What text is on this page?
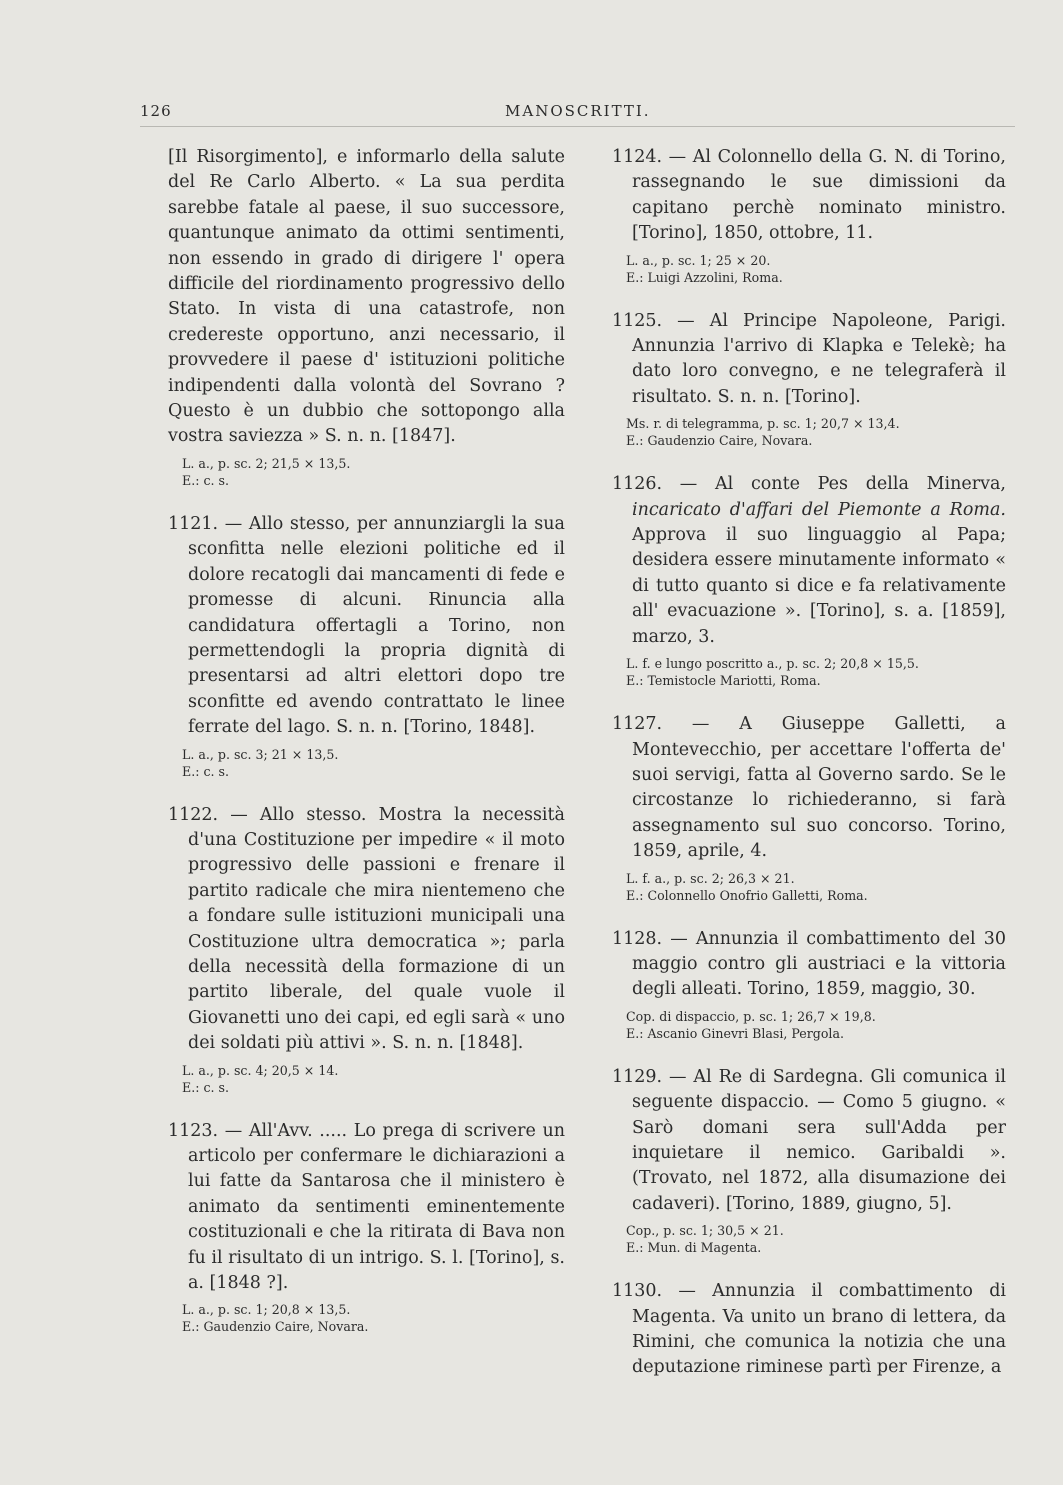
126	MANOSCRITTI.

[Il Risorgimento], e informarlo della salute del Re Carlo Alberto. « La sua perdita sarebbe fatale al paese, il suo successore, quantunque animato da ottimi sentimenti, non essendo in grado di dirigere l' opera difficile del riordinamento progressivo dello Stato. In vista di una catastrofe, non credereste opportuno, anzi necessario, il provvedere il paese d' istituzioni politiche indipendenti dalla volontà del Sovrano ? Questo è un dubbio che sottopongo alla vostra saviezza » S. n. n. [1847].

L. a., p. sc. 2; 21,5 × 13,5.
E.: c. s.

1121. — Allo stesso, per annunziargli la sua sconfitta nelle elezioni politiche ed il dolore recatogli dai mancamenti di fede e promesse di alcuni. Rinuncia alla candidatura offertagli a Torino, non permettendogli la propria dignità di presentarsi ad altri elettori dopo tre sconfitte ed avendo contrattato le linee ferrate del lago. S. n. n. [Torino, 1848].

L. a., p. sc. 3; 21 × 13,5.
E.: c. s.

1122. — Allo stesso. Mostra la necessità d'una Costituzione per impedire « il moto progressivo delle passioni e frenare il partito radicale che mira nientemeno che a fondare sulle istituzioni municipali una Costituzione ultra democratica »; parla della necessità della formazione di un partito liberale, del quale vuole il Giovanetti uno dei capi, ed egli sarà « uno dei soldati più attivi ». S. n. n. [1848].

L. a., p. sc. 4; 20,5 × 14.
E.: c. s.

1123. — All'Avv. ..... Lo prega di scrivere un articolo per confermare le dichiarazioni a lui fatte da Santarosa che il ministero è animato da sentimenti eminentemente costituzionali e che la ritirata di Bava non fu il risultato di un intrigo. S. l. [Torino], s. a. [1848 ?].

L. a., p. sc. 1; 20,8 × 13,5.
E.: Gaudenzio Caire, Novara.

1124. — Al Colonnello della G. N. di Torino, rassegnando le sue dimissioni da capitano perchè nominato ministro. [Torino], 1850, ottobre, 11.

L. a., p. sc. 1; 25 × 20.
E.: Luigi Azzolini, Roma.

1125. — Al Principe Napoleone, Parigi. Annunzia l'arrivo di Klapka e Telekè; ha dato loro convegno, e ne telegraferà il risultato. S. n. n. [Torino].

Ms. r. di telegramma, p. sc. 1; 20,7 × 13,4.
E.: Gaudenzio Caire, Novara.

1126. — Al conte Pes della Minerva, incaricato d'affari del Piemonte a Roma. Approva il suo linguaggio al Papa; desidera essere minutamente informato « di tutto quanto si dice e fa relativamente all' evacuazione ». [Torino], s. a. [1859], marzo, 3.

L. f. e lungo poscritto a., p. sc. 2; 20,8 × 15,5.
E.: Temistocle Mariotti, Roma.

1127. — A Giuseppe Galletti, a Montevecchio, per accettare l'offerta de' suoi servigi, fatta al Governo sardo. Se le circostanze lo richiederanno, si farà assegnamento sul suo concorso. Torino, 1859, aprile, 4.

L. f. a., p. sc. 2; 26,3 × 21.
E.: Colonnello Onofrio Galletti, Roma.

1128. — Annunzia il combattimento del 30 maggio contro gli austriaci e la vittoria degli alleati. Torino, 1859, maggio, 30.

Cop. di dispaccio, p. sc. 1; 26,7 × 19,8.
E.: Ascanio Ginevri Blasi, Pergola.

1129. — Al Re di Sardegna. Gli comunica il seguente dispaccio. — Como 5 giugno. « Sarò domani sera sull'Adda per inquietare il nemico. Garibaldi ». (Trovato, nel 1872, alla disumazione dei cadaveri). [Torino, 1889, giugno, 5].

Cop., p. sc. 1; 30,5 × 21.
E.: Mun. di Magenta.

1130. — Annunzia il combattimento di Magenta. Va unito un brano di lettera, da Rimini, che comunica la notizia che una deputazione riminese partì per Firenze, a
